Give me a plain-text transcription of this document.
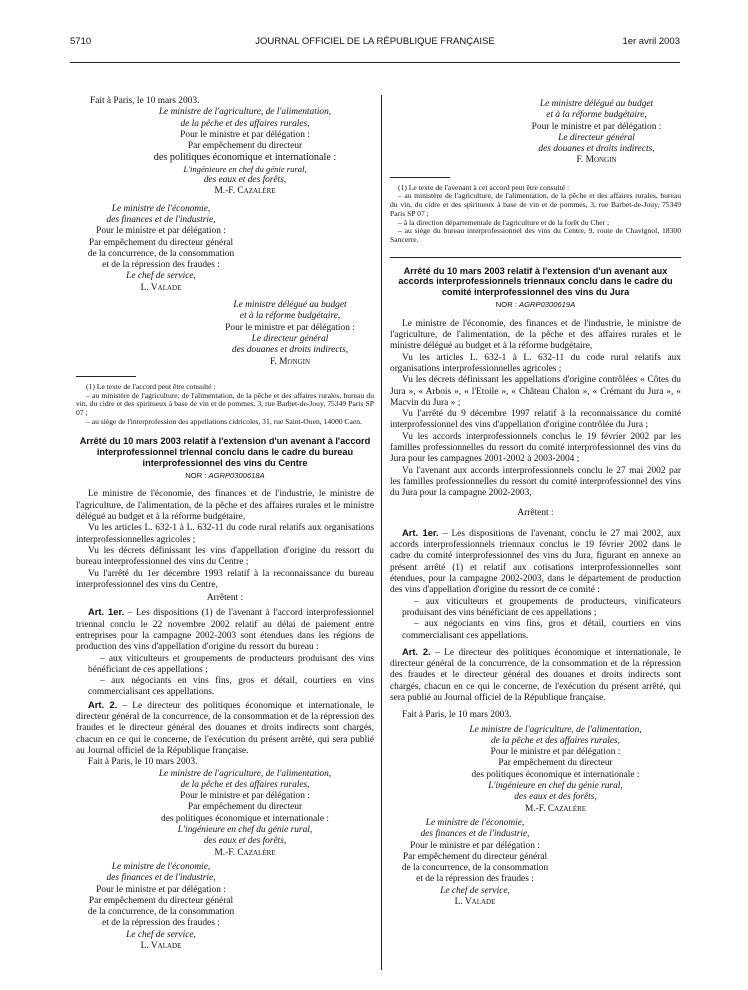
5710	JOURNAL OFFICIEL DE LA RÉPUBLIQUE FRANÇAISE	1er avril 2003

Fait à Paris, le 10 mars 2003.

Le ministre de l'agriculture, de l'alimentation,
de la pêche et des affaires rurales,
Pour le ministre et par délégation :
Par empêchement du directeur
des politiques économique et internationale :
L'ingénieure en chef du génie rural,
des eaux et des forêts,
M.-F. Cazalère
Le ministre de l'économie,
des finances et de l'industrie,
Pour le ministre et par délégation :
Par empêchement du directeur général
de la concurrence, de la consommation
et de la répression des fraudes :
Le chef de service,
L. Valade
Le ministre délégué au budget
et à la réforme budgétaire,
Pour le ministre et par délégation :
Le directeur général
des douanes et droits indirects,
F. Mongin
(1) Le texte de l'accord peut être consulté :
– au ministère de l'agriculture, de l'alimentation, de la pêche et des affaires rurales, bureau du vin, du cidre et des spiritueux à base de vin et de pommes, 3, rue Barbet-de-Jouy, 75349 Paris SP 07 ;
– au siège de l'interprofession des appellations cidricoles, 31, rue Saint-Ouen, 14000 Caen.
Arrêté du 10 mars 2003 relatif à l'extension d'un avenant à l'accord interprofessionnel triennal conclu dans le cadre du bureau interprofessionnel des vins du Centre
NOR : AGRP0300618A

Le ministre de l'économie, des finances et de l'industrie, le ministre de l'agriculture, de l'alimentation, de la pêche et des affaires rurales et le ministre délégué au budget et à la réforme budgétaire,

Vu les articles L. 632-1 à L. 632-11 du code rural relatifs aux organisations interprofessionnelles agricoles ;

Vu les décrets définissant les vins d'appellation d'origine du ressort du bureau interprofessionnel des vins du Centre ;

Vu l'arrêté du 1er décembre 1993 relatif à la reconnaissance du bureau interprofessionnel des vins du Centre,

Arrêtent :

Art. 1er. – Les dispositions (1) de l'avenant à l'accord interprofessionnel triennal conclu le 22 novembre 2002 relatif au délai de paiement entre entreprises pour la campagne 2002-2003 sont étendues dans les régions de production des vins d'appellation d'origine du ressort du bureau :

– aux viticulteurs et groupements de producteurs produisant des vins bénéficiant de ces appellations ;

– aux négociants en vins fins, gros et détail, courtiers en vins commercialisant ces appellations.

Art. 2. – Le directeur des politiques économique et internationale, le directeur général de la concurrence, de la consommation et de la répression des fraudes et le directeur général des douanes et droits indirects sont chargés, chacun en ce qui le concerne, de l'exécution du présent arrêté, qui sera publié au Journal officiel de la République française.

Fait à Paris, le 10 mars 2003.

Le ministre de l'agriculture, de l'alimentation,
de la pêche et des affaires rurales,
Pour le ministre et par délégation :
Par empêchement du directeur
des politiques économique et internationale :
L'ingénieure en chef du génie rural,
des eaux et des forêts,
M.-F. Cazalère
Le ministre de l'économie,
des finances et de l'industrie,
Pour le ministre et par délégation :
Par empêchement du directeur général
de la concurrence, de la consommation
et de la répression des fraudes :
Le chef de service,
L. Valade
Le ministre délégué au budget
et à la réforme budgétaire,
Pour le ministre et par délégation :
Le directeur général
des douanes et droits indirects,
F. Mongin
(1) Le texte de l'avenant à cet accord peut être consulté :
– au ministère de l'agriculture, de l'alimentation, de la pêche et des affaires rurales, bureau du vin, du cidre et des spiritueux à base de vin et de pommes, 3, rue Barbet-de-Jouy, 75349 Paris SP 07 ;
– à la direction départementale de l'agriculture et de la forêt du Cher ;
– au siège du bureau interprofessionnel des vins du Centre, 9, route de Chavignol, 18300 Sancerre.
Arrêté du 10 mars 2003 relatif à l'extension d'un avenant aux accords interprofessionnels triennaux conclu dans le cadre du comité interprofessionnel des vins du Jura
NOR : AGRP0300619A

Le ministre de l'économie, des finances et de l'industrie, le ministre de l'agriculture, de l'alimentation, de la pêche et des affaires rurales et le ministre délégué au budget et à la réforme budgétaire,

Vu les articles L. 632-1 à L. 632-11 du code rural relatifs aux organisations interprofessionnelles agricoles ;

Vu les décrets définissant les appellations d'origine contrôlées « Côtes du Jura », « Arbois », « l'Etoile », « Château Chalon », « Crémant du Jura », « Macvin du Jura » ;

Vu l'arrêté du 9 décembre 1997 relatif à la reconnaissance du comité interprofessionnel des vins d'appellation d'origine contrôlée du Jura ;

Vu les accords interprofessionnels conclus le 19 février 2002 par les familles professionnelles du ressort du comité interprofessionnel des vins du Jura pour les campagnes 2001-2002 à 2003-2004 ;

Vu l'avenant aux accords interprofessionnels conclu le 27 mai 2002 par les familles professionnelles du ressort du comité interprofessionnel des vins du Jura pour la campagne 2002-2003,

Arrêtent :

Art. 1er. – Les dispositions de l'avenant, conclu le 27 mai 2002, aux accords interprofessionnels triennaux conclus le 19 février 2002 dans le cadre du comité interprofessionnel des vins du Jura, figurant en annexe au présent arrêté (1) et relatif aux cotisations interprofessionnelles sont étendues, pour la campagne 2002-2003, dans le département de production des vins d'appellation d'origine du ressort de ce comité :

– aux viticulteurs et groupements de producteurs, vinificateurs produisant des vins bénéficiant de ces appellations ;

– aux négociants en vins fins, gros et détail, courtiers en vins commercialisant ces appellations.

Art. 2. – Le directeur des politiques économique et internationale, le directeur général de la concurrence, de la consommation et de la répression des fraudes et le directeur général des douanes et droits indirects sont chargés, chacun en ce qui le concerne, de l'exécution du présent arrêté, qui sera publié au Journal officiel de la République française.

Fait à Paris, le 10 mars 2003.

Le ministre de l'agriculture, de l'alimentation,
de la pêche et des affaires rurales,
Pour le ministre et par délégation :
Par empêchement du directeur
des politiques économique et internationale :
L'ingénieure en chef du génie rural,
des eaux et des forêts,
M.-F. Cazalère
Le ministre de l'économie,
des finances et de l'industrie,
Pour le ministre et par délégation :
Par empêchement du directeur général
de la concurrence, de la consommation
et de la répression des fraudes :
Le chef de service,
L. Valade
